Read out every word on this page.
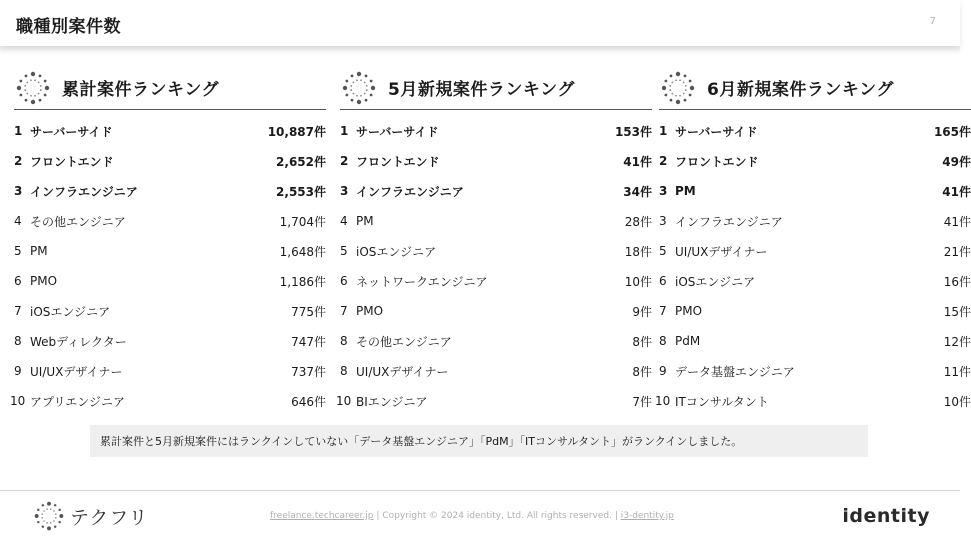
職種別案件数	7
累計案件ランキング
1 サーバーサイド	10,887件
2 フロントエンド	2,652件
3 インフラエンジニア	2,553件
4 その他エンジニア	1,704件
5 PM	1,648件
6 PMO	1,186件
7 iOSエンジニア	775件
8 Webディレクター	747件
9 UI/UXデザイナー	737件
10 アプリエンジニア	646件
5月新規案件ランキング
1 サーバーサイド	153件
2 フロントエンド	41件
3 インフラエンジニア	34件
4 PM	28件
5 iOSエンジニア	18件
6 ネットワークエンジニア	10件
7 PMO	9件
8 その他エンジニア	8件
8 UI/UXデザイナー	8件
10 BIエンジニア	7件
6月新規案件ランキング
1 サーバーサイド	165件
2 フロントエンド	49件
3 PM	41件
3 インフラエンジニア	41件
5 UI/UXデザイナー	21件
6 iOSエンジニア	16件
7 PMO	15件
8 PdM	12件
9 データ基盤エンジニア	11件
10 ITコンサルタント	10件
累計案件と5月新規案件にはランクインしていない「データ基盤エンジニア」「PdM」「ITコンサルタント」がランクインしました。
テクフリ	freelance.techcareer.jp | Copyright © 2024 identity, Ltd. All rights reserved. | i3-dentity.jp	identity
